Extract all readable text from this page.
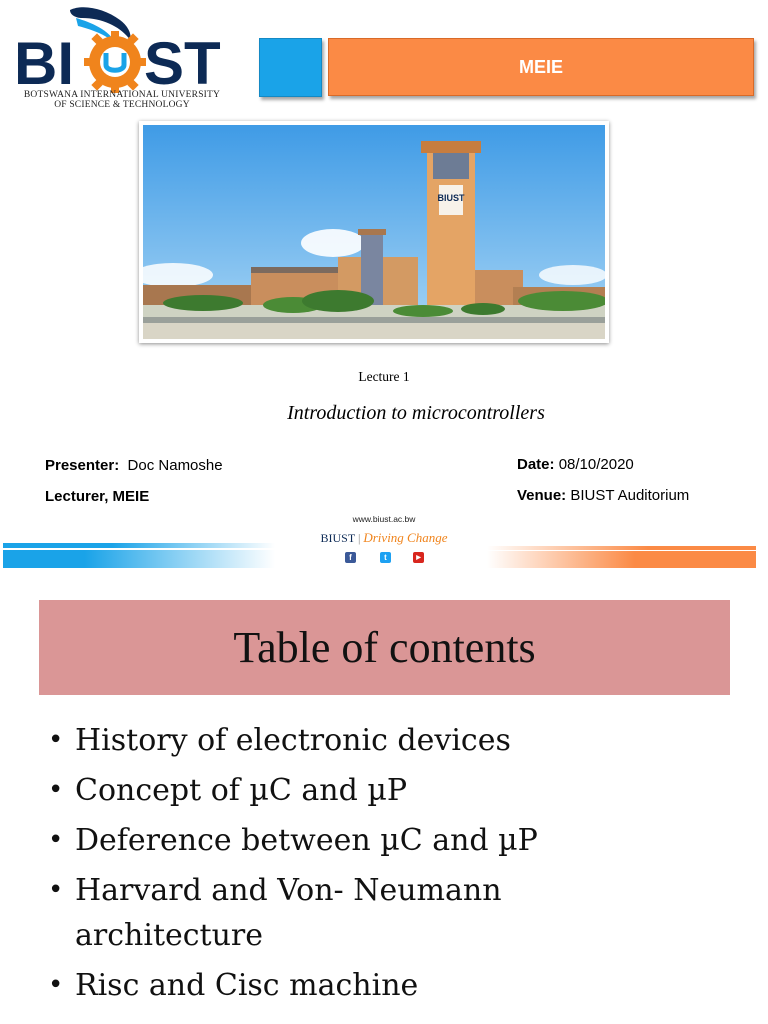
BI ST
BOTSWANA INTERNATIONAL UNIVERSITY
OF SCIENCE & TECHNOLOGY
MEIE
BIUST
Lecture 1
Introduction to microcontrollers
Presenter: Doc Namoshe
Lecturer, MEIE
Date: 08/10/2020
Venue: BIUST Auditorium
www.biust.ac.bw
BIUST | Driving Change
f	t	▶
Table of contents
• History of electronic devices
• Concept of µC and µP
• Deference between µC and µP
• Harvard and Von- Neumann architecture
• Risc and Cisc machine
